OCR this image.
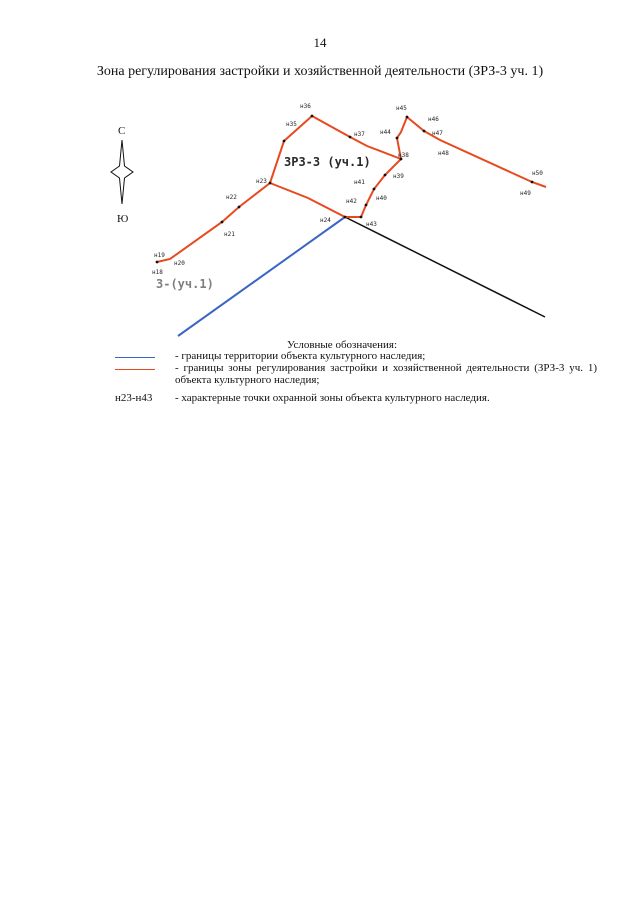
14
Зона регулирования застройки и хозяйственной деятельности (ЗРЗ-3 уч. 1)
С
Ю
н18
н19
н20
н21
н22
н23
н24
н35
н36
н37
н38
н39
н40
н41
н42
н43
н44
н45
н46
н47
н48
н49
н50
ЗРЗ-3 (уч.1)
3-(уч.1)
Условные обозначения:
- границы территории объекта культурного наследия;
- границы зоны регулирования застройки и хозяйственной деятельности (ЗРЗ-3 уч. 1) объекта культурного наследия;
н23-н43	- характерные точки охранной зоны объекта культурного наследия.
